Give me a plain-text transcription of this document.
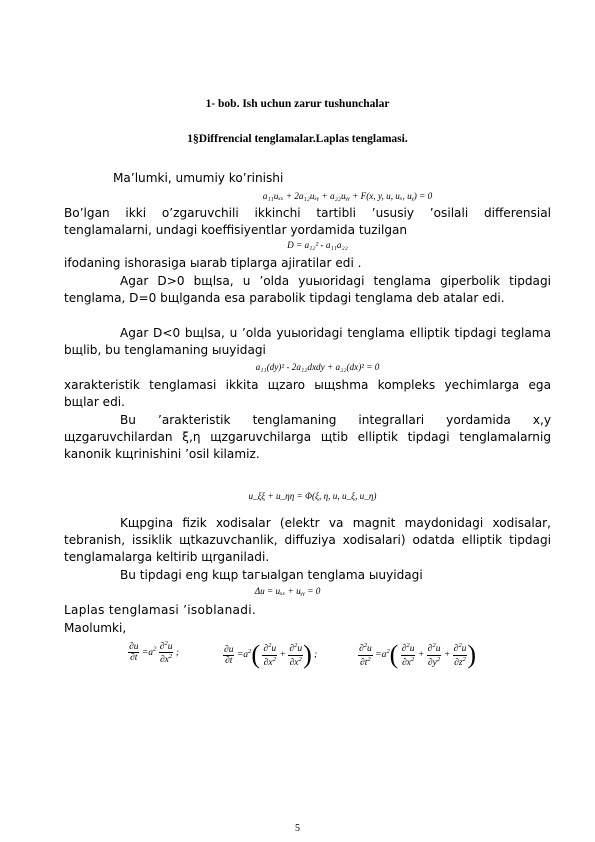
1- bob. Ish uchun zarur tushunchalar
1§Diffrencial tenglamalar.Laplas tenglamasi.
Ma’lumki, umumiy ko’rinishi
a₁₁uₓₓ + 2a₁₂uₓᵧ + a₂₂uᵧᵧ + F(x, y, u, uₓ, uᵧ) = 0

Bo’lgan ikki o’zgaruvchili ikkinchi tartibli ’ususiy ’osilali differensial tenglamalarni, undagi koeffisiyentlar yordamida tuzilgan

D = a₁₂² - a₁₁a₂₂

ifodaning ishorasiga ыarab tiplarga ajiratilar edi .

Agar D>0 bщlsa, u ’olda yuыoridagi tenglama giperbolik tipdagi tenglama, D=0 bщlganda esa parabolik tipdagi tenglama deb atalar edi.

Agar D<0 bщlsa, u ’olda yuыoridagi tenglama elliptik tipdagi teglama bщlib, bu tenglamaning ыuyidagi

a₁₁(dy)² - 2a₁₂dxdy + a₂₂(dx)² = 0

xarakteristik tenglamasi ikkita щzaro ыщshma kompleks yechimlarga ega bщlar edi.

Bu ’arakteristik tenglamaning integrallari yordamida x,y щzgaruvchilardan ξ,η щzgaruvchilarga щtib elliptik tipdagi tenglamalarnig kanonik kщrinishini ’osil kilamiz.

u_ξξ + u_ηη = Φ(ξ, η, u, u_ξ, u_η)

Kщpgina fizik xodisalar (elektr va magnit maydonidagi xodisalar, tebranish, issiklik щtkazuvchanlik, diffuziya xodisalari) odatda elliptik tipdagi tenglamalarga keltirib щrganiladi.

Bu tipdagi eng kщp taгыalgan tenglama ыuyidagi

Δu = uₓₓ + uᵧᵧ = 0

Laplas tenglamasi ’isoblanadi.

Maolumki,

$\frac{\partial u}{\partial t} =a^2 \frac{\partial^2u}{\partial x^2}$ ;	$\frac{\partial u}{\partial t} =a^2( \frac{\partial^2u}{\partial x^2} + \frac{\partial^2u}{\partial x^2}$ ) ;	$\frac{\partial^2u}{\partial t^2} =a^2( \frac{\partial^2u}{\partial x^2} + \frac{\partial^2u}{\partial y^2} + \frac{\partial^2u}{\partial z^2}$ )
5
